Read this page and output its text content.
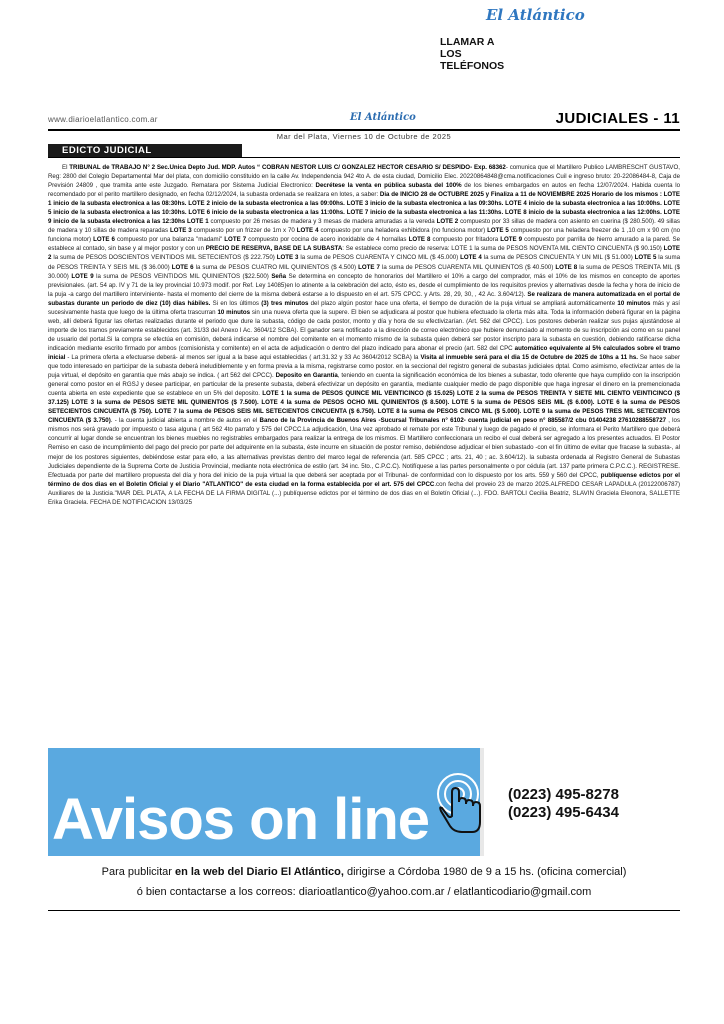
www.diarioelatlantico.com.ar	El Atlántico	JUDICIALES - 11
Mar del Plata, Viernes 10 de Octubre de 2025
EDICTO JUDICIAL

El TRIBUNAL de TRABAJO N° 2 Sec.Unica Depto Jud. MDP. Autos “ COBRAN NESTOR LUIS C/ GONZALEZ HECTOR CESARIO S/ DESPIDO- Exp. 68362- comunica que el Martillero Publico LAMBRESCHT GUSTAVO, Reg: 2800 del Colegio Departamental Mar del plata, con domicilio constituido en la calle Av. Independencia 942 4to A. de esta ciudad, Domicilio Elec. 20220864848@cma.notificaciones Cuil e ingreso bruto: 20-22086484-8, Caja de Previsión 24809 , que tramita ante este Juzgado. Rematara por Sistema Judicial Electronico: Decrétese la venta en pública subasta del 100% de los bienes embargados en autos en fecha 12/07/2024. Habida cuenta lo recomendado por el perito martillero designado, en fecha 02/12/2024, la subasta ordenada se realizara en lotes, a saber: Dia de INICIO 28 de OCTUBRE 2025 y Finaliza a 11 de NOVIEMBRE 2025 Horario de los mismos : LOTE 1 inicio de la subasta electronica a las 08:30hs. LOTE 2 inicio de la subasta electronica a las 09:00hs. LOTE 3 inicio de la subasta electronica a las 09:30hs. LOTE 4 inicio de la subasta electronica a las 10:00hs. LOTE 5 inicio de la subasta electronica a las 10:30hs. LOTE 6 inicio de la subasta electronica a las 11:00hs. LOTE 7 inicio de la subasta electronica a las 11:30hs. LOTE 8 inicio de la subasta electronica a las 12:00hs. LOTE 9 inicio de la subasta electronica a las 12:30hs LOTE 1 compuesto por 26 mesas de madera y 3 mesas de madera amuradas a la vereda LOTE 2 compuesto por 33 sillas de madera con asiento en cuerina ($ 280.500). 49 sillas de madera y 10 sillas de madera reparadas LOTE 3 compuesto por un frizzer de 1m x 70 LOTE 4 compuesto por una heladera exhibidora (no funciona motor) LOTE 5 compuesto por una heladera freezer de 1 ,10 cm x 90 cm (no funciona motor) LOTE 6 compuesto por una balanza "madami" LOTE 7 compuesto por cocina de acero inoxidable de 4 hornallas LOTE 8 compuesto por fritadora LOTE 9 compuesto por parrilla de hierro amurado a la pared. Se establece al contado, sin base y al mejor postor y con un PRECIO DE RESERVA, BASE DE LA SUBASTA: Se establece como precio de reserva: LOTE 1 la suma de PESOS NOVENTA MIL CIENTO CINCUENTA ($ 90.150) LOTE 2 la suma de PESOS DOSCIENTOS VEINTIDOS MIL SETECIENTOS ($ 222.750) LOTE 3 la suma de PESOS CUARENTA Y CINCO MIL ($ 45.000) LOTE 4 la suma de PESOS CINCUENTA Y UN MIL ($ 51.000) LOTE 5 la suma de PESOS TREINTA Y SEIS MIL ($ 36.000) LOTE 6 la suma de PESOS CUATRO MIL QUINIENTOS ($ 4.500) LOTE 7 la suma de PESOS CUARENTA MIL QUINIENTOS ($ 40.500) LOTE 8 la suma de PESOS TREINTA MIL ($ 30.000) LOTE 9 la suma de PESOS VEINTIDOS MIL QUINIENTOS ($22.500) Seña Se determina en concepto de honorarios del Martillero el 10% a cargo del comprador, más el 10% de los mismos en concepto de aportes previsionales. (art. 54 ap. IV y 71 de la ley provincial 10.973 modif. por Ref. Ley 14085)en lo atinente a la celebración del acto, ésto es, desde el cumplimiento de los requisitos previos y alternativas desde la fecha y hora de inicio de la puja -a cargo del martillero interviniente- hasta el momento del cierre de la misma deberá estarse a lo dispuesto en el art. 575 CPCC. y Arts. 28, 29, 30, , 42 Ac. 3.604/12). Se realizara de manera automatizada en el portal de subastas durante un periodo de diez (10) dias hábiles. Si en los últimos (3) tres minutos del plazo algún postor hace una oferta, el tiempo de duración de la puja virtual se ampliará automáticamente 10 minutos más y así sucesivamente hasta que luego de la última oferta trascurran 10 minutos sin una nueva oferta que la supere. El bien se adjudicara al postor que hubiera efectuado la oferta más alta. Toda la información deberá figurar en la página web, allí deberá figurar las ofertas realizadas durante el periodo que dure la subasta, código de cada postor, monto y día y hora de su efectivizarían. (Art. 562 del CPCC). Los postores deberán realizar sus pujas ajustándose al importe de los tramos previamente establecidos (art. 31/33 del Anexo I Ac. 3604/12 SCBA). El ganador sera notificado a la dirección de correo electrónico que hubiere denunciado al momento de su inscripción asi como en su panel de usuario del portal.Si la compra se efectúa en comisión, deberá indicarse el nombre del comitente en el momento mismo de la subasta quien deberá ser postor inscripto para la subasta en cuestión, debiendo ratificarse dicha indicación mediante escrito firmado por ambos (comisionista y comitente) en el acta de adjudicación o dentro del plazo indicado para abonar el precio (art. 582 del CPC automático equivalente al 5% calculados sobre el tramo inicial - La primera oferta a efectuarse deberá- al menos ser igual a la base aqui establecidas ( art.31.32 y 33 Ac 3604/2012 SCBA) la Visita al inmueble será para el dia 15 de Octubre de 2025 de 10hs a 11 hs. Se hace saber que todo interesado en participar de la subasta deberá ineludiblemente y en forma previa a la misma, registrarse como postor. en la seccional del registro general de subastas judiciales dptal. Como asimismo, efectivizar antes de la puja virtual, el depósito en garantía que más abajo se indica. ( art 562 del CPCC). Deposito en Garantía, teniendo en cuenta la significación económica de los bienes a subastar, todo oferente que haya cumplido con la inscripción general como postor en el RGSJ y desee participar, en particular de la presente subasta, deberá efectivizar un depósito en garantía, mediante cualquier medio de pago disponible que haga ingresar el dinero en la premencionada cuenta abierta en este expediente que se establece en un 5% del deposito. LOTE 1 la suma de PESOS QUINCE MIL VEINTICINCO ($ 15.025) LOTE 2 la suma de PESOS TREINTA Y SIETE MIL CIENTO VEINTICINCO ($ 37.125) LOTE 3 la suma de PESOS SIETE MIL QUINIENTOS ($ 7.500). LOTE 4 la suma de PESOS OCHO MIL QUINIENTOS ($ 8.500). LOTE 5 la suma de PESOS SEIS MIL ($ 6.000). LOTE 6 la suma de PESOS SETECIENTOS CINCUENTA ($ 750). LOTE 7 la suma de PESOS SEIS MIL SETECIENTOS CINCUENTA ($ 6.750). LOTE 8 la suma de PESOS CINCO MIL ($ 5.000). LOTE 9 la suma de PESOS TRES MIL SETECIENTOS CINCUENTA ($ 3.750). - la cuenta judicial abierta a nombre de autos en el Banco de la Provincia de Buenos Aires -Sucursal Tribunales n° 6102- cuenta judicial en peso n° 885587/2 cbu 01404238 27610288558727 , los mismos nos será gravado por impuesto o tasa alguna ( art 562 4to parrafo y 575 del CPCC.La adjudicación, Una vez aprobado el remate por este Tribunal y luego de pagado el precio, se informara el Perito Martillero que deberá concurrir al lugar donde se encuentran los bienes muebles no registrables embargados para realizar la entrega de los mismos. El Martillero confeccionara un recibo el cual deberá ser agregado a los presentes actuados. El Postor Remiso en caso de incumplimiento del pago del precio por parte del adquirente en la subasta, éste incurre en situación de postor remiso, debiéndose adjudicar el bien subastado -con el fin último de evitar que fracase la subasta-, al mejor de los postores siguientes, debiéndose estar para ello, a las alternativas previstas dentro del marco legal de referencia (art. 585 CPCC ; arts. 21, 40 ; ac. 3.604/12). la subasta ordenada al Registro General de Subastas Judiciales dependiente de la Suprema Corte de Justicia Provincial, mediante nota electrónica de estilo (art. 34 inc. 5to., C.P.C.C). Notifíquese a las partes personalmente o por cédula (art. 137 parte primera C.P.C.C.). REGISTRESE. Efectuada por parte del martillero propuesta del día y hora del inicio de la puja virtual la que deberá ser aceptada por el Tribunal- de conformidad con lo dispuesto por los arts. 559 y 560 del CPCC, publíquense edictos por el término de dos dias en el Boletin Oficial y el Diario "ATLANTICO" de esta ciudad en la forma establecida por el art. 575 del CPCC.con fecha del proveio 23 de marzo 2025.ALFREDO CESAR LAPADULA (20122006787) Auxiliares de la Justicia."MAR DEL PLATA, A LA FECHA DE LA FIRMA DIGITAL (...) publíquense edictos por el término de dos dias en el Boletín Oficial (...). FDO. BARTOLI Cecilia Beatriz, SLAVIN Graciela Eleonora, SALLETTE Erika Graciela. FECHA DE NOTIFICACION 13/03/25

Avisos on line
El Atlántico
LLAMAR A LOS TELÉFONOS
(0223) 495-8278
(0223) 495-6434
Para publicitar en la web del Diario El Atlántico, dirigirse a Córdoba 1980 de 9 a 15 hs. (oficina comercial)
ó bien contactarse a los correos: diarioatlantico@yahoo.com.ar / elatlanticodiario@gmail.com
